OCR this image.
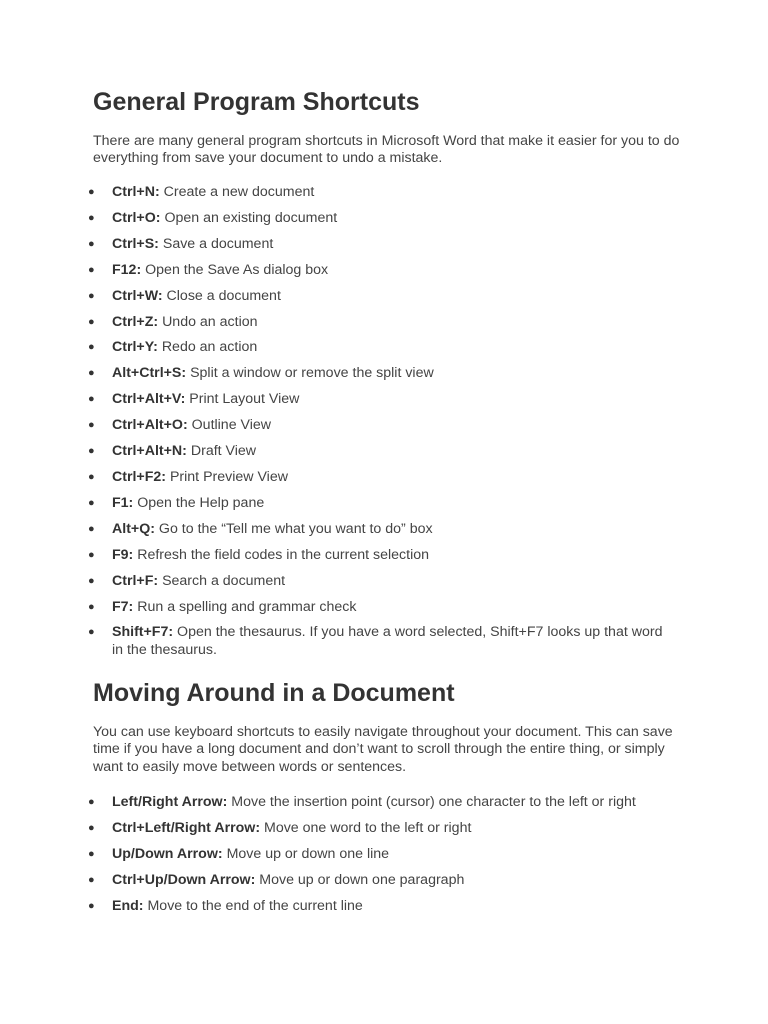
General Program Shortcuts

There are many general program shortcuts in Microsoft Word that make it easier for you to do everything from save your document to undo a mistake.

● Ctrl+N: Create a new document
● Ctrl+O: Open an existing document
● Ctrl+S: Save a document
● F12: Open the Save As dialog box
● Ctrl+W: Close a document
● Ctrl+Z: Undo an action
● Ctrl+Y: Redo an action
● Alt+Ctrl+S: Split a window or remove the split view
● Ctrl+Alt+V: Print Layout View
● Ctrl+Alt+O: Outline View
● Ctrl+Alt+N: Draft View
● Ctrl+F2: Print Preview View
● F1: Open the Help pane
● Alt+Q: Go to the “Tell me what you want to do” box
● F9: Refresh the field codes in the current selection
● Ctrl+F: Search a document
● F7: Run a spelling and grammar check
● Shift+F7: Open the thesaurus. If you have a word selected, Shift+F7 looks up that word in the thesaurus.
Moving Around in a Document

You can use keyboard shortcuts to easily navigate throughout your document. This can save time if you have a long document and don’t want to scroll through the entire thing, or simply want to easily move between words or sentences.

● Left/Right Arrow: Move the insertion point (cursor) one character to the left or right
● Ctrl+Left/Right Arrow: Move one word to the left or right
● Up/Down Arrow: Move up or down one line
● Ctrl+Up/Down Arrow: Move up or down one paragraph
● End: Move to the end of the current line
